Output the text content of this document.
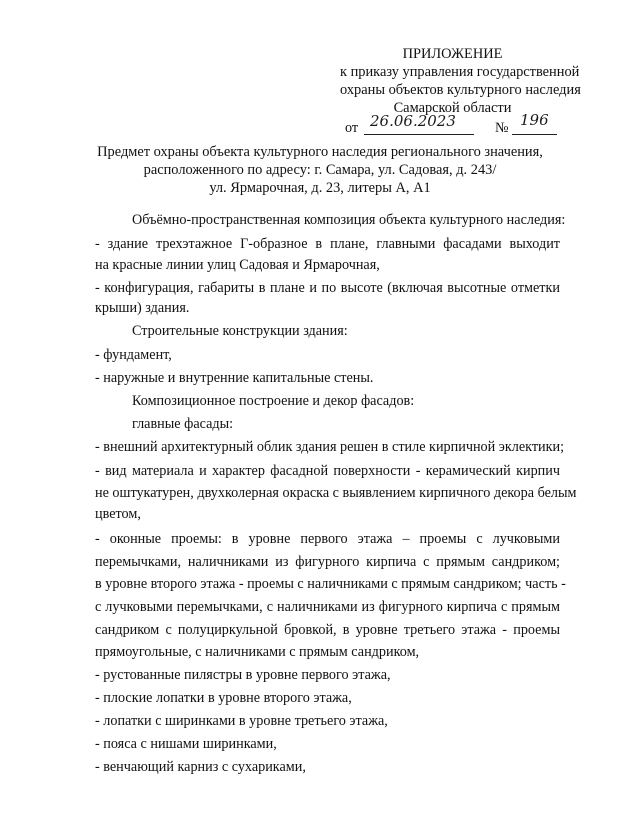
ПРИЛОЖЕНИЕ
к приказу управления государственной
охраны объектов культурного наследия
Самарской области
от 26.06.2023	№ 196
Предмет охраны объекта культурного наследия регионального значения,
расположенного по адресу: г. Самара, ул. Садовая, д. 243/
ул. Ярмарочная, д. 23, литеры А, А1
Объёмно-пространственная композиция объекта культурного наследия:
- здание трехэтажное Г-образное в плане, главными фасадами выходит
на красные линии улиц Садовая и Ярмарочная,
- конфигурация, габариты в плане и по высоте (включая высотные отметки
крыши) здания.
Строительные конструкции здания:
- фундамент,
- наружные и внутренние капитальные стены.
Композиционное построение и декор фасадов:
главные фасады:
- внешний архитектурный облик здания решен в стиле кирпичной эклектики;
- вид материала и характер фасадной поверхности - керамический кирпич
не оштукатурен, двухколерная окраска с выявлением кирпичного декора белым
цветом,
- оконные проемы: в уровне первого этажа – проемы с лучковыми
перемычками, наличниками из фигурного кирпича с прямым сандриком;
в уровне второго этажа - проемы с наличниками с прямым сандриком; часть -
с лучковыми перемычками, с наличниками из фигурного кирпича с прямым
сандриком с полуциркульной бровкой, в уровне третьего этажа - проемы
прямоугольные, с наличниками с прямым сандриком,
- рустованные пилястры в уровне первого этажа,
- плоские лопатки в уровне второго этажа,
- лопатки с ширинками в уровне третьего этажа,
- пояса с нишами ширинками,
- венчающий карниз с сухариками,
